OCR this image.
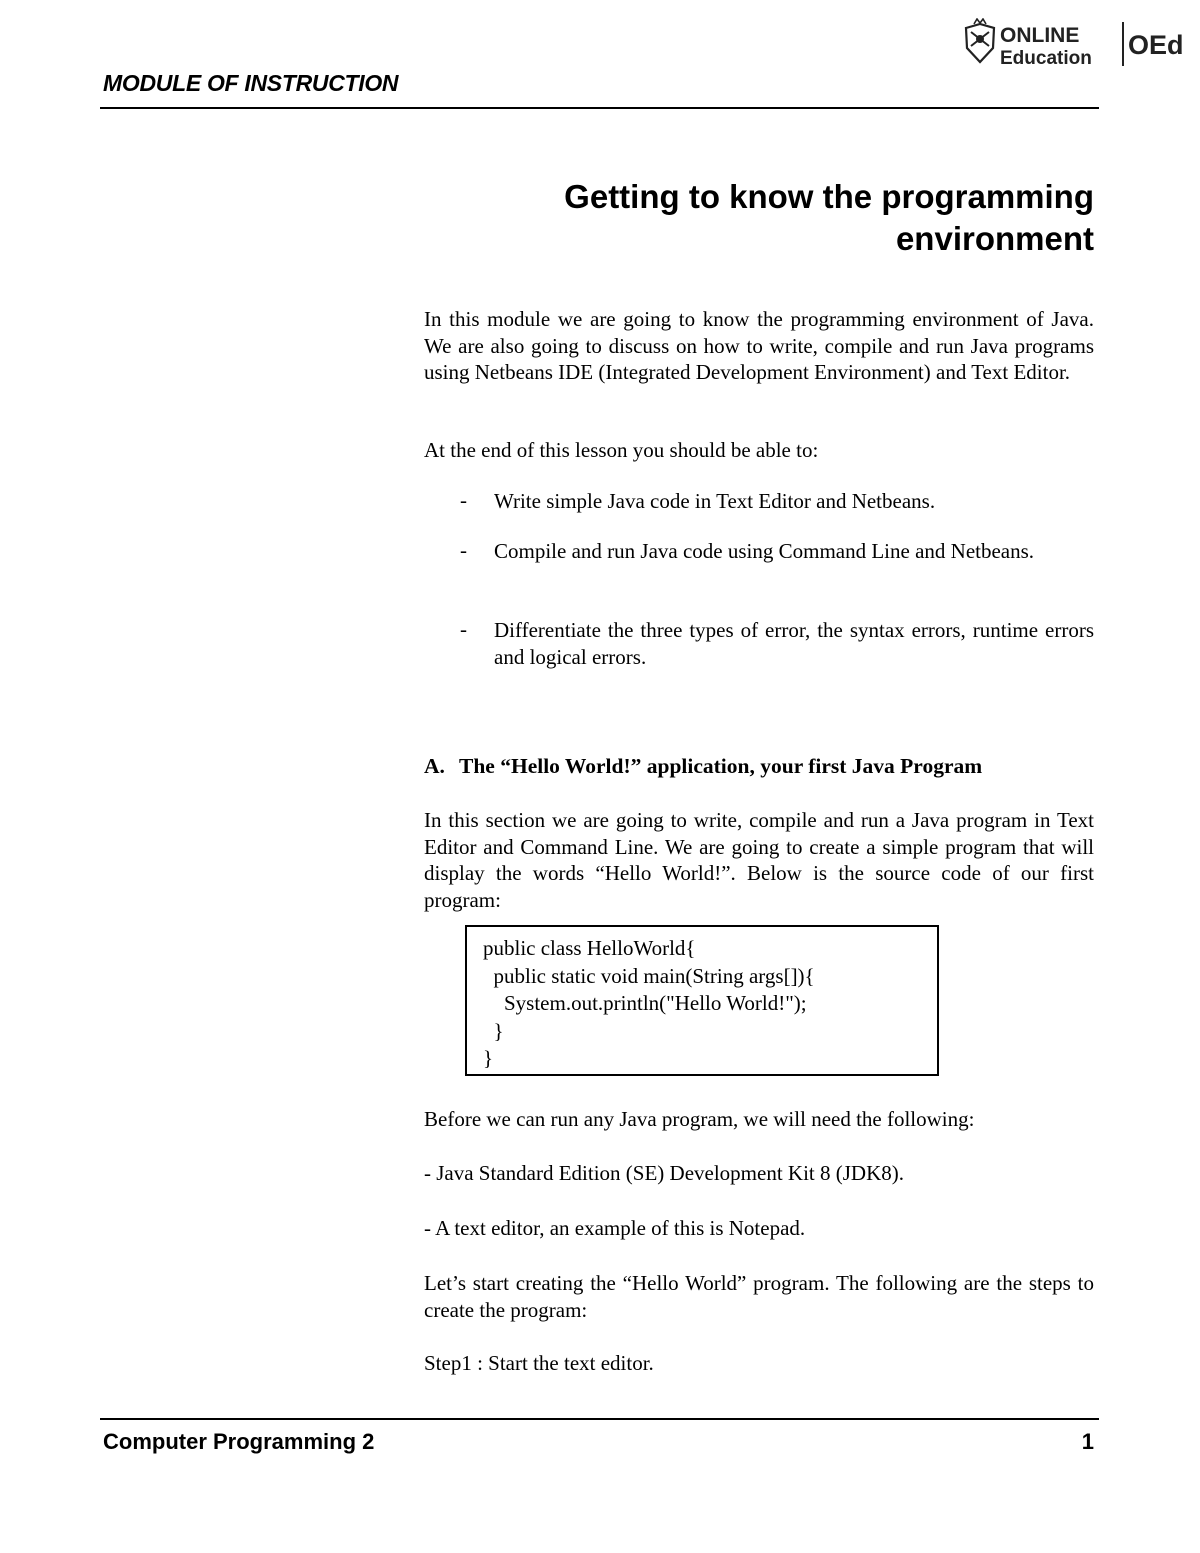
MODULE OF INSTRUCTION
ONLINE
Education OEd
Getting to know the programming
environment
In this module we are going to know the programming environment of Java. We are also going to discuss on how to write, compile and run Java programs using Netbeans IDE (Integrated Development Environment) and Text Editor.
At the end of this lesson you should be able to:
- Write simple Java code in Text Editor and Netbeans.
- Compile and run Java code using Command Line and Netbeans.
- Differentiate the three types of error, the syntax errors, runtime errors and logical errors.
A. The “Hello World!” application, your first Java Program
In this section we are going to write, compile and run a Java program in Text Editor and Command Line. We are going to create a simple program that will display the words “Hello World!”. Below is the source code of our first program:
public class HelloWorld{
public static void main(String args[]){
System.out.println("Hello World!");
}
}
Before we can run any Java program, we will need the following:
- Java Standard Edition (SE) Development Kit 8 (JDK8).
- A text editor, an example of this is Notepad.
Let’s start creating the “Hello World” program. The following are the steps to create the program:
Step1 : Start the text editor.
Computer Programming 2	1
